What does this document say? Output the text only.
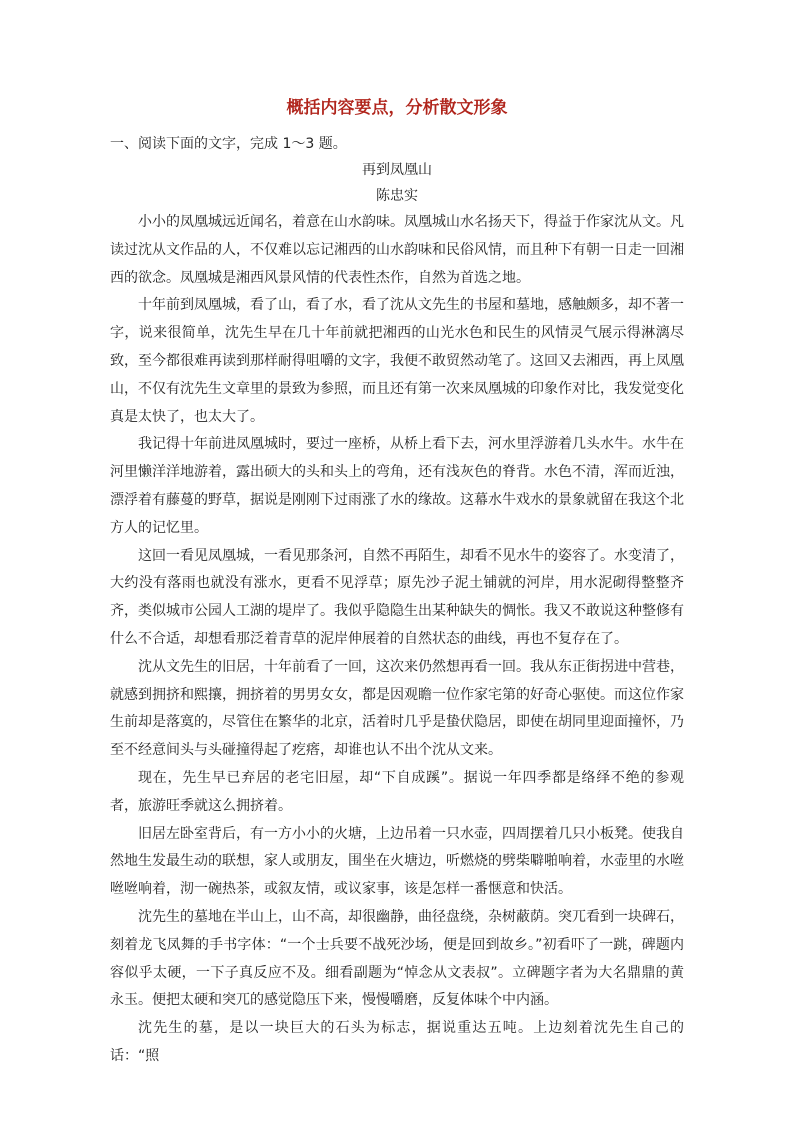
概括内容要点，分析散文形象

一、阅读下面的文字，完成 1～3 题。

再到凤凰山

陈忠实

小小的凤凰城远近闻名，着意在山水韵味。凤凰城山水名扬天下，得益于作家沈从文。凡读过沈从文作品的人，不仅难以忘记湘西的山水韵味和民俗风情，而且种下有朝一日走一回湘西的欲念。凤凰城是湘西风景风情的代表性杰作，自然为首选之地。

十年前到凤凰城，看了山，看了水，看了沈从文先生的书屋和墓地，感触颇多，却不著一字，说来很简单，沈先生早在几十年前就把湘西的山光水色和民生的风情灵气展示得淋漓尽致，至今都很难再读到那样耐得咀嚼的文字，我便不敢贸然动笔了。这回又去湘西，再上凤凰山，不仅有沈先生文章里的景致为参照，而且还有第一次来凤凰城的印象作对比，我发觉变化真是太快了，也太大了。

我记得十年前进凤凰城时，要过一座桥，从桥上看下去，河水里浮游着几头水牛。水牛在河里懒洋洋地游着，露出硕大的头和头上的弯角，还有浅灰色的脊背。水色不清，浑而近浊，漂浮着有藤蔓的野草，据说是刚刚下过雨涨了水的缘故。这幕水牛戏水的景象就留在我这个北方人的记忆里。

这回一看见凤凰城，一看见那条河，自然不再陌生，却看不见水牛的姿容了。水变清了，大约没有落雨也就没有涨水，更看不见浮草；原先沙子泥土铺就的河岸，用水泥砌得整整齐齐，类似城市公园人工湖的堤岸了。我似乎隐隐生出某种缺失的惆怅。我又不敢说这种整修有什么不合适，却想看那泛着青草的泥岸伸展着的自然状态的曲线，再也不复存在了。

沈从文先生的旧居，十年前看了一回，这次来仍然想再看一回。我从东正街拐进中营巷，就感到拥挤和熙攘，拥挤着的男男女女，都是因观瞻一位作家宅第的好奇心驱使。而这位作家生前却是落寞的，尽管住在繁华的北京，活着时几乎是蛰伏隐居，即使在胡同里迎面撞怀，乃至不经意间头与头碰撞得起了疙瘩，却谁也认不出个沈从文来。

现在，先生早已弃居的老宅旧屋，却“下自成蹊”。据说一年四季都是络绎不绝的参观者，旅游旺季就这么拥挤着。

旧居左卧室背后，有一方小小的火塘，上边吊着一只水壶，四周摆着几只小板凳。使我自然地生发最生动的联想，家人或朋友，围坐在火塘边，听燃烧的劈柴噼啪响着，水壶里的水咝咝咝响着，沏一碗热茶，或叙友情，或议家事，该是怎样一番惬意和快活。

沈先生的墓地在半山上，山不高，却很幽静，曲径盘绕，杂树蔽荫。突兀看到一块碑石，刻着龙飞凤舞的手书字体：“一个士兵要不战死沙场，便是回到故乡。”初看吓了一跳，碑题内容似乎太硬，一下子真反应不及。细看副题为“悼念从文表叔”。立碑题字者为大名鼎鼎的黄永玉。便把太硬和突兀的感觉隐压下来，慢慢嚼磨，反复体味个中内涵。

沈先生的墓，是以一块巨大的石头为标志，据说重达五吨。上边刻着沈先生自己的话：“照
